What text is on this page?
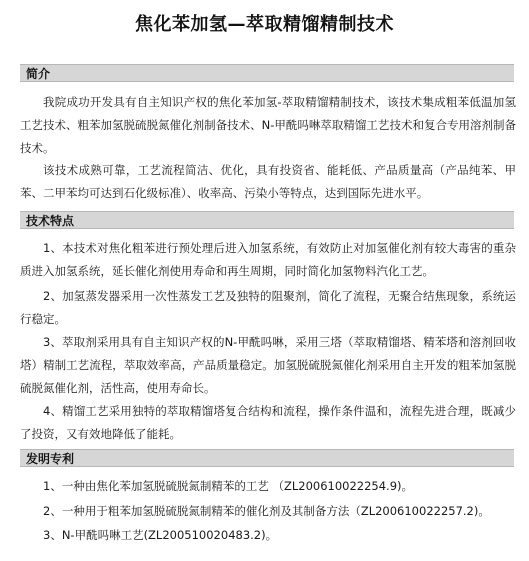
焦化苯加氢—萃取精馏精制技术
简介
我院成功开发具有自主知识产权的焦化苯加氢-萃取精馏精制技术，该技术集成粗苯低温加氢工艺技术、粗苯加氢脱硫脱氮催化剂制备技术、N-甲酰吗啉萃取精馏工艺技术和复合专用溶剂制备技术。
该技术成熟可靠，工艺流程简洁、优化，具有投资省、能耗低、产品质量高（产品纯苯、甲苯、二甲苯均可达到石化级标准）、收率高、污染小等特点，达到国际先进水平。
技术特点
1、本技术对焦化粗苯进行预处理后进入加氢系统，有效防止对加氢催化剂有较大毒害的重杂质进入加氢系统，延长催化剂使用寿命和再生周期，同时简化加氢物料汽化工艺。
2、加氢蒸发器采用一次性蒸发工艺及独特的阻聚剂，简化了流程，无聚合结焦现象，系统运行稳定。
3、萃取剂采用具有自主知识产权的N-甲酰吗啉，采用三塔（萃取精馏塔、精苯塔和溶剂回收塔）精制工艺流程，萃取效率高，产品质量稳定。加氢脱硫脱氮催化剂采用自主开发的粗苯加氢脱硫脱氮催化剂，活性高，使用寿命长。
4、精馏工艺采用独特的萃取精馏塔复合结构和流程，操作条件温和，流程先进合理，既减少了投资，又有效地降低了能耗。
发明专利
1、一种由焦化苯加氢脱硫脱氮制精苯的工艺 （ZL200610022254.9)。
2、一种用于粗苯加氢脱硫脱氮制精苯的催化剂及其制备方法（ZL200610022257.2)。
3、N-甲酰吗啉工艺(ZL200510020483.2)。
